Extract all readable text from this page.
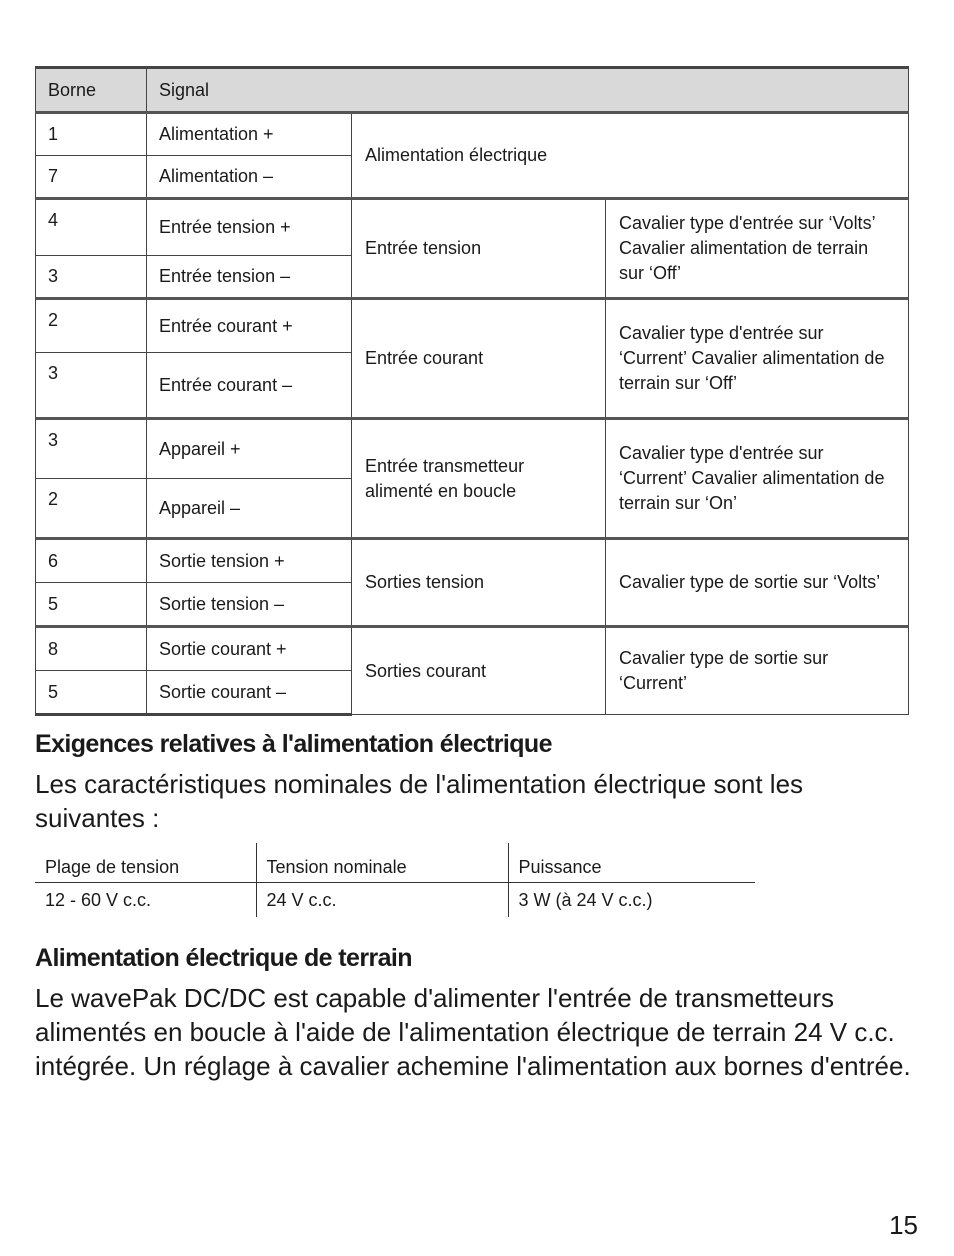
Borne	Signal		
1	Alimentation +	Alimentation électrique	
7	Alimentation –		
4	Entrée tension +	Entrée tension	Cavalier type d'entrée sur ‘Volts’ Cavalier alimentation de terrain sur ‘Off’
3	Entrée tension –		
2	Entrée courant +	Entrée courant	Cavalier type d'entrée sur ‘Current’ Cavalier alimentation de terrain sur ‘Off’
3	Entrée courant –		
3	Appareil +	Entrée transmetteur alimenté en boucle	Cavalier type d'entrée sur ‘Current’ Cavalier alimentation de terrain sur ‘On’
2	Appareil –		
6	Sortie tension +	Sorties tension	Cavalier type de sortie sur ‘Volts’
5	Sortie tension –		
8	Sortie courant +	Sorties courant	Cavalier type de sortie sur ‘Current’
5	Sortie courant –		
Exigences relatives à l'alimentation électrique
Les caractéristiques nominales de l'alimentation électrique sont les suivantes :
Plage de tension	Tension nominale	Puissance
12 - 60 V c.c.	24 V c.c.	3 W (à 24 V c.c.)
Alimentation électrique de terrain
Le wavePak DC/DC est capable d'alimenter l'entrée de transmetteurs alimentés en boucle à l'aide de l'alimentation électrique de terrain 24 V c.c. intégrée. Un réglage à cavalier achemine l'alimentation aux bornes d'entrée.
15
